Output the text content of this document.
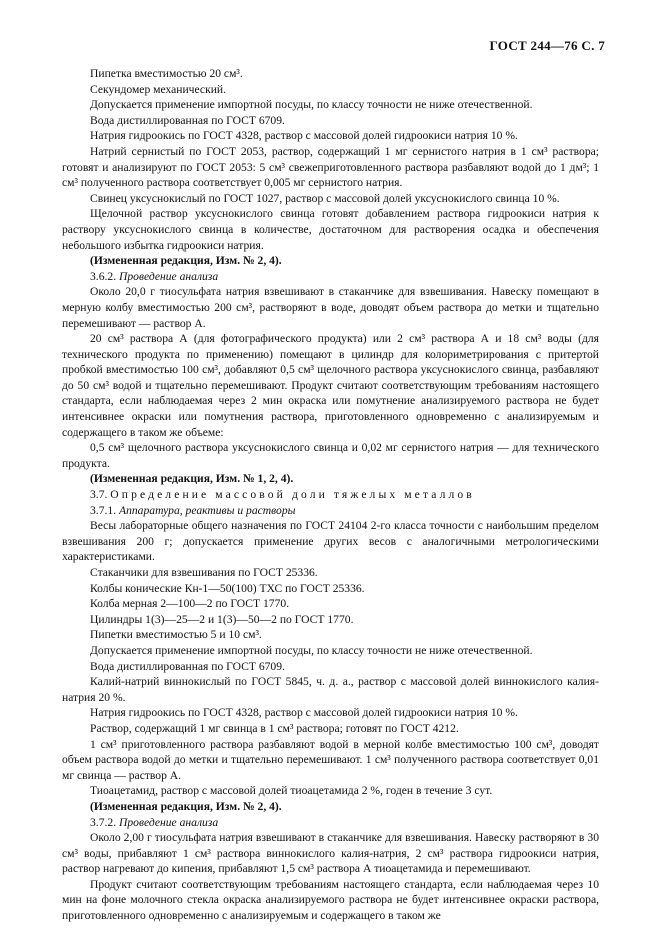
ГОСТ 244—76 С. 7

Пипетка вместимостью 20 см³.

Секундомер механический.

Допускается применение импортной посуды, по классу точности не ниже отечественной.

Вода дистиллированная по ГОСТ 6709.

Натрия гидроокись по ГОСТ 4328, раствор с массовой долей гидроокиси натрия 10 %.

Натрий сернистый по ГОСТ 2053, раствор, содержащий 1 мг сернистого натрия в 1 см³ раствора; готовят и анализируют по ГОСТ 2053: 5 см³ свежеприготовленного раствора разбавляют водой до 1 дм³; 1 см³ полученного раствора соответствует 0,005 мг сернистого натрия.

Свинец уксуснокислый по ГОСТ 1027, раствор с массовой долей уксуснокислого свинца 10 %.

Щелочной раствор уксуснокислого свинца готовят добавлением раствора гидроокиси натрия к раствору уксуснокислого свинца в количестве, достаточном для растворения осадка и обеспечения небольшого избытка гидроокиси натрия.

(Измененная редакция, Изм. № 2, 4).

3.6.2. Проведение анализа

Около 20,0 г тиосульфата натрия взвешивают в стаканчике для взвешивания. Навеску помещают в мерную колбу вместимостью 200 см³, растворяют в воде, доводят объем раствора до метки и тщательно перемешивают — раствор А.

20 см³ раствора А (для фотографического продукта) или 2 см³ раствора А и 18 см³ воды (для технического продукта по применению) помещают в цилиндр для колориметрирования с притертой пробкой вместимостью 100 см³, добавляют 0,5 см³ щелочного раствора уксуснокислого свинца, разбавляют до 50 см³ водой и тщательно перемешивают. Продукт считают соответствующим требованиям настоящего стандарта, если наблюдаемая через 2 мин окраска или помутнение анализируемого раствора не будет интенсивнее окраски или помутнения раствора, приготовленного одновременно с анализируемым и содержащего в таком же объеме:

0,5 см³ щелочного раствора уксуснокислого свинца и 0,02 мг сернистого натрия — для технического продукта.

(Измененная редакция, Изм. № 1, 2, 4).

3.7. Определение массовой доли тяжелых металлов

3.7.1. Аппаратура, реактивы и растворы

Весы лабораторные общего назначения по ГОСТ 24104 2-го класса точности с наибольшим пределом взвешивания 200 г; допускается применение других весов с аналогичными метрологическими характеристиками.

Стаканчики для взвешивания по ГОСТ 25336.

Колбы конические Кн-1—50(100) ТХС по ГОСТ 25336.

Колба мерная 2—100—2 по ГОСТ 1770.

Цилиндры 1(3)—25—2 и 1(3)—50—2 по ГОСТ 1770.

Пипетки вместимостью 5 и 10 см³.

Допускается применение импортной посуды, по классу точности не ниже отечественной.

Вода дистиллированная по ГОСТ 6709.

Калий-натрий виннокислый по ГОСТ 5845, ч. д. а., раствор с массовой долей виннокислого калия-натрия 20 %.

Натрия гидроокись по ГОСТ 4328, раствор с массовой долей гидроокиси натрия 10 %.

Раствор, содержащий 1 мг свинца в 1 см³ раствора; готовят по ГОСТ 4212.

1 см³ приготовленного раствора разбавляют водой в мерной колбе вместимостью 100 см³, доводят объем раствора водой до метки и тщательно перемешивают. 1 см³ полученного раствора соответствует 0,01 мг свинца — раствор А.

Тиоацетамид, раствор с массовой долей тиоацетамида 2 %, годен в течение 3 сут.

(Измененная редакция, Изм. № 2, 4).

3.7.2. Проведение анализа

Около 2,00 г тиосульфата натрия взвешивают в стаканчике для взвешивания. Навеску растворяют в 30 см³ воды, прибавляют 1 см³ раствора виннокислого калия-натрия, 2 см³ раствора гидроокиси натрия, раствор нагревают до кипения, прибавляют 1,5 см³ раствора А тиоацетамида и перемешивают.

Продукт считают соответствующим требованиям настоящего стандарта, если наблюдаемая через 10 мин на фоне молочного стекла окраска анализируемого раствора не будет интенсивнее окраски раствора, приготовленного одновременно с анализируемым и содержащего в таком же
